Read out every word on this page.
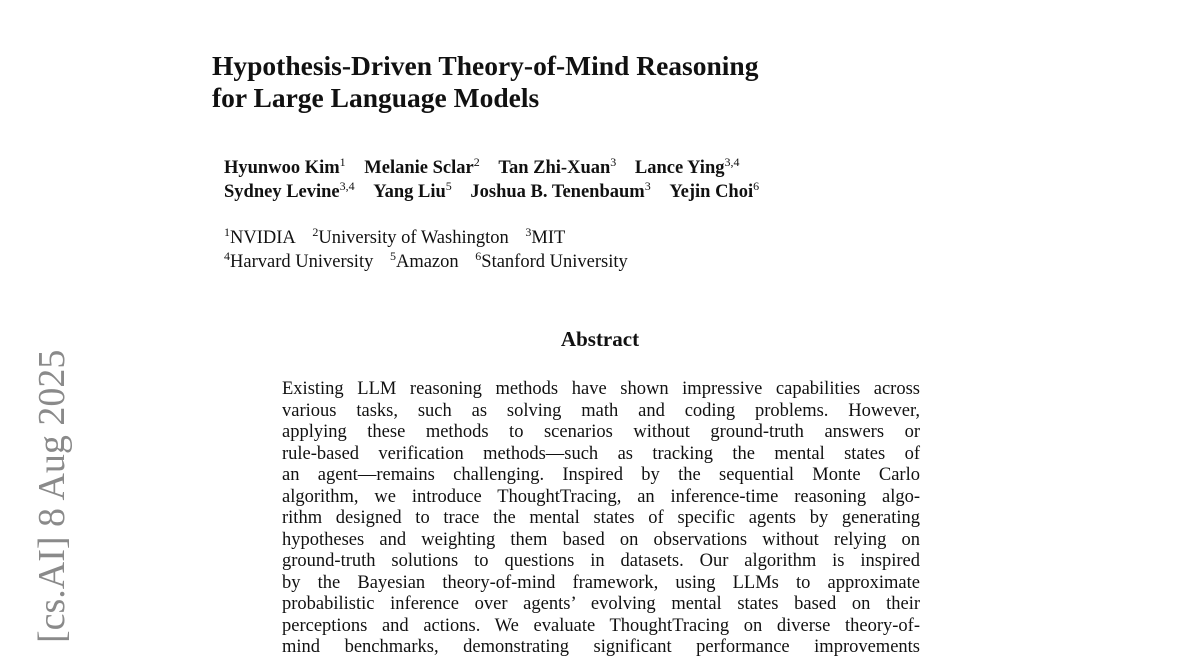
Hypothesis-Driven Theory-of-Mind Reasoning
for Large Language Models
Hyunwoo Kim$^1$ Melanie Sclar$^2$ Tan Zhi-Xuan$^3$ Lance Ying$^{3,4}$
Sydney Levine$^{3,4}$ Yang Liu$^5$ Joshua B. Tenenbaum$^3$ Yejin Choi$^6$
$^1$NVIDIA $^2$University of Washington $^3$MIT
$^4$Harvard University $^5$Amazon $^6$Stanford University
Abstract
Existing LLM reasoning methods have shown impressive capabilities across
various tasks, such as solving math and coding problems. However,
applying these methods to scenarios without ground-truth answers or
rule-based verification methods—such as tracking the mental states of
an agent—remains challenging. Inspired by the sequential Monte Carlo
algorithm, we introduce ThoughtTracing, an inference-time reasoning algo-
rithm designed to trace the mental states of specific agents by generating
hypotheses and weighting them based on observations without relying on
ground-truth solutions to questions in datasets. Our algorithm is inspired
by the Bayesian theory-of-mind framework, using LLMs to approximate
probabilistic inference over agents’ evolving mental states based on their
perceptions and actions. We evaluate ThoughtTracing on diverse theory-of-
mind benchmarks, demonstrating significant performance improvements
[cs.AI] 8 Aug 2025
